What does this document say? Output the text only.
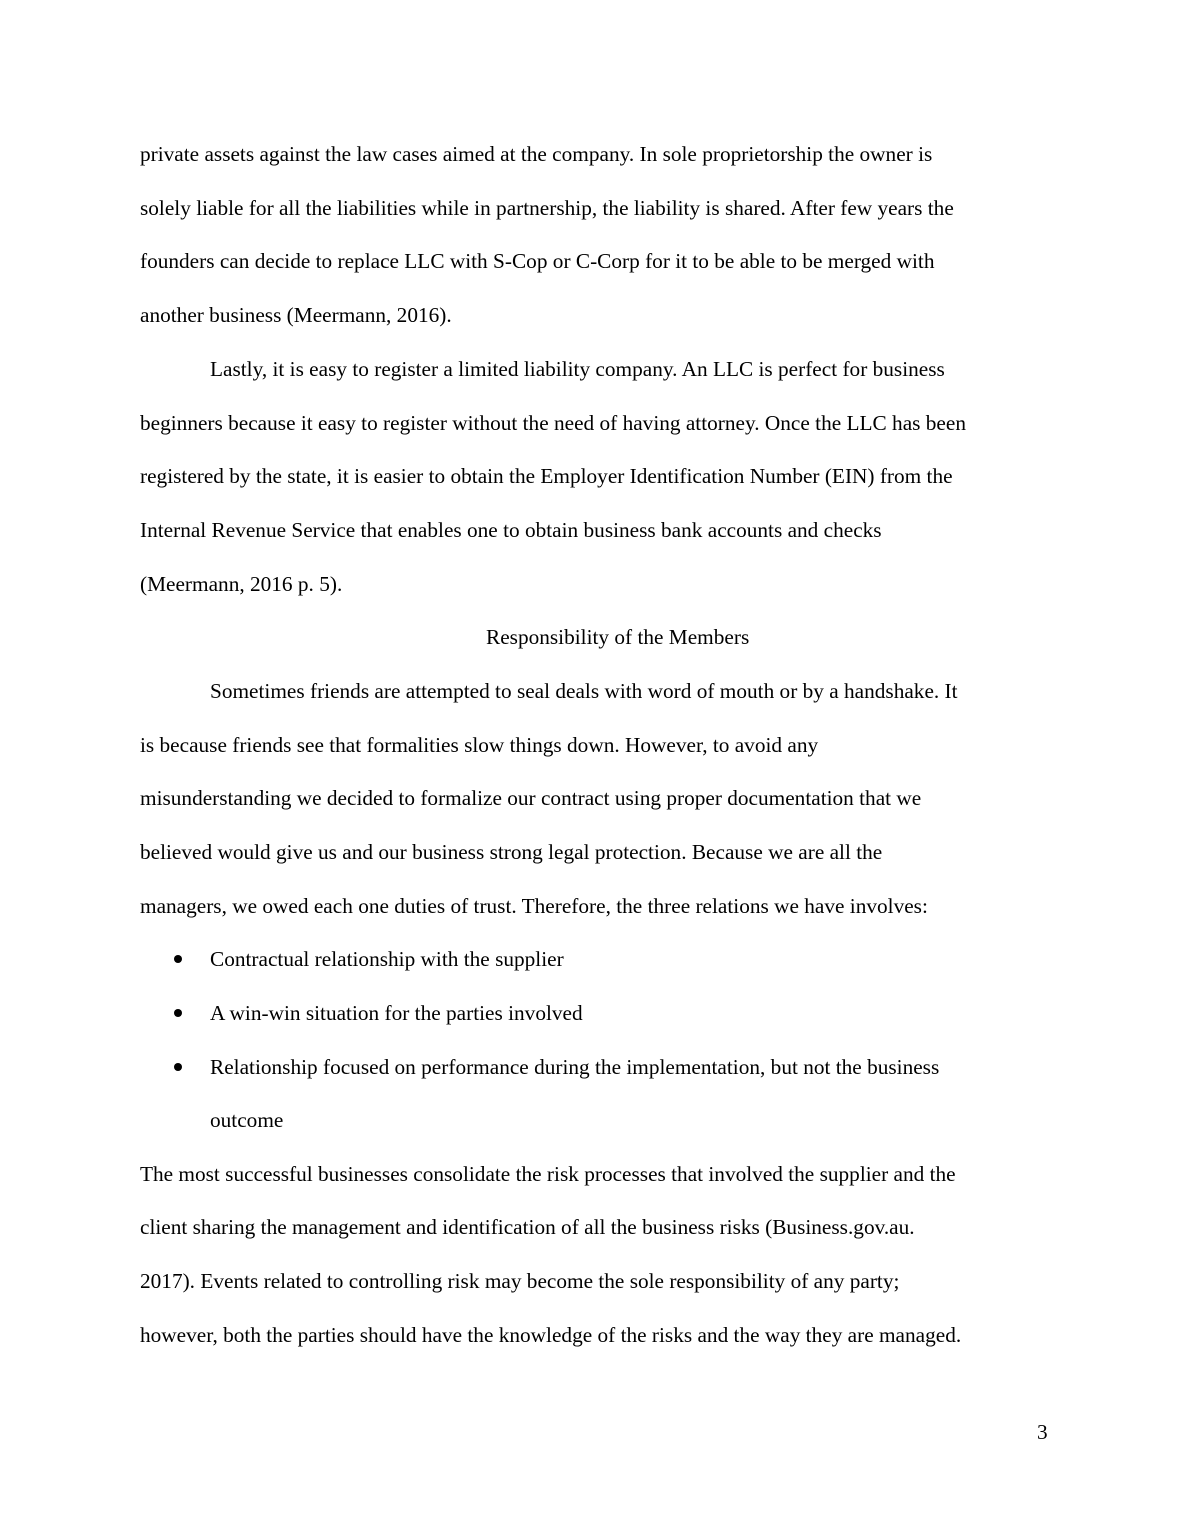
private assets against the law cases aimed at the company. In sole proprietorship the owner is

solely liable for all the liabilities while in partnership, the liability is shared. After few years the

founders can decide to replace LLC with S-Cop or C-Corp for it to be able to be merged with

another business (Meermann, 2016).

Lastly, it is easy to register a limited liability company. An LLC is perfect for business

beginners because it easy to register without the need of having attorney. Once the LLC has been

registered by the state, it is easier to obtain the Employer Identification Number (EIN) from the

Internal Revenue Service that enables one to obtain business bank accounts and checks

(Meermann, 2016 p. 5).

Responsibility of the Members

Sometimes friends are attempted to seal deals with word of mouth or by a handshake. It

is because friends see that formalities slow things down. However, to avoid any

misunderstanding we decided to formalize our contract using proper documentation that we

believed would give us and our business strong legal protection. Because we are all the

managers, we owed each one duties of trust. Therefore, the three relations we have involves:

Contractual relationship with the supplier

A win-win situation for the parties involved

Relationship focused on performance during the implementation, but not the business

outcome

The most successful businesses consolidate the risk processes that involved the supplier and the

client sharing the management and identification of all the business risks (Business.gov.au.

2017). Events related to controlling risk may become the sole responsibility of any party;

however, both the parties should have the knowledge of the risks and the way they are managed.

3
